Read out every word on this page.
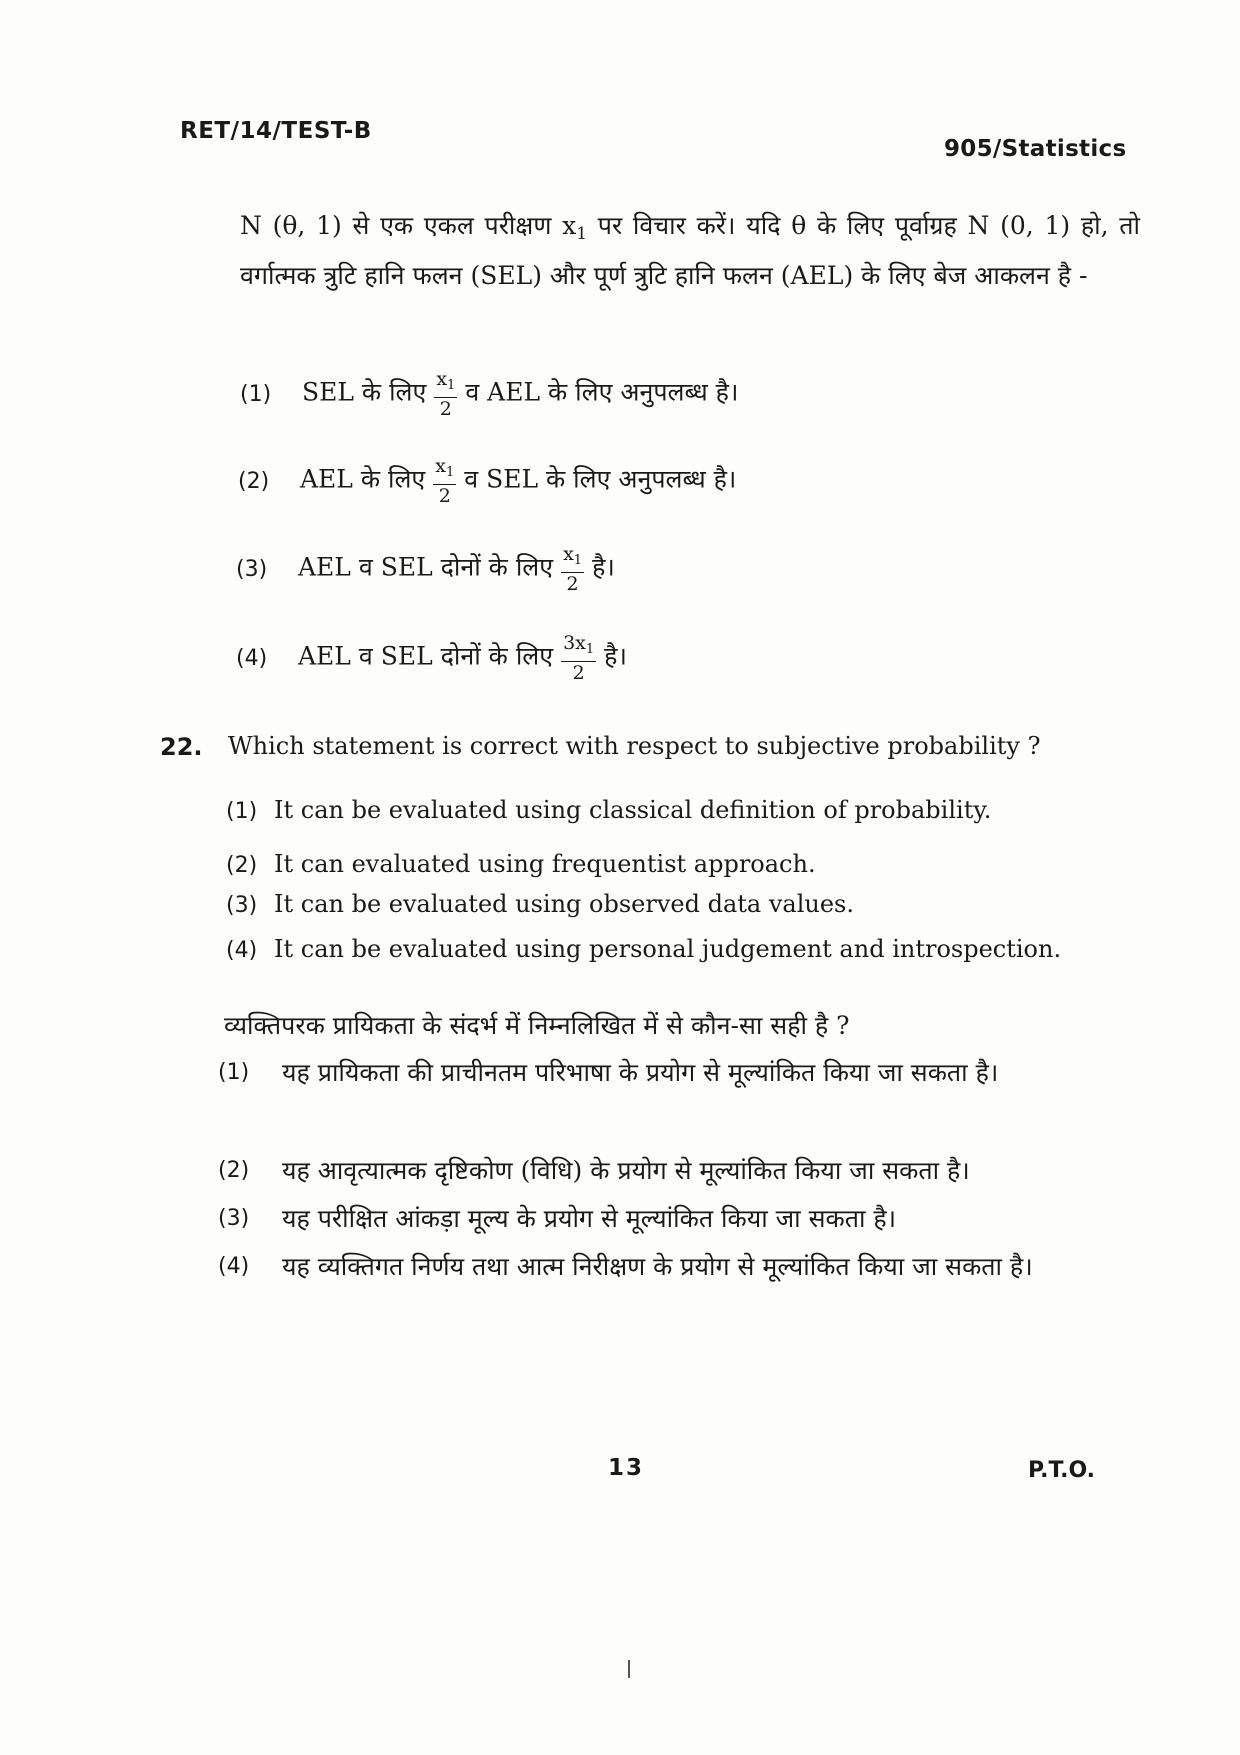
RET/14/TEST-B
905/Statistics
N (θ, 1) से एक एकल परीक्षण $x_1$ पर विचार करें। यदि θ के लिए पूर्वाग्रह N (0, 1) हो, तो वर्गात्मक त्रुटि हानि फलन (SEL) और पूर्ण त्रुटि हानि फलन (AEL) के लिए बेज आकलन है -
(1) SEL के लिए $\frac{x_1}{2}$ व AEL के लिए अनुपलब्ध है।
(2) AEL के लिए $\frac{x_1}{2}$ व SEL के लिए अनुपलब्ध है।
(3) AEL व SEL दोनों के लिए $\frac{x_1}{2}$ है।
(4) AEL व SEL दोनों के लिए $\frac{3x_1}{2}$ है।
22. Which statement is correct with respect to subjective probability ?
(1) It can be evaluated using classical definition of probability.
(2) It can evaluated using frequentist approach.
(3) It can be evaluated using observed data values.
(4) It can be evaluated using personal judgement and introspection.
व्यक्तिपरक प्रायिकता के संदर्भ में निम्नलिखित में से कौन-सा सही है ?
(1) यह प्रायिकता की प्राचीनतम परिभाषा के प्रयोग से मूल्यांकित किया जा सकता है।
(2) यह आवृत्यात्मक दृष्टिकोण (विधि) के प्रयोग से मूल्यांकित किया जा सकता है।
(3) यह परीक्षित आंकड़ा मूल्य के प्रयोग से मूल्यांकित किया जा सकता है।
(4) यह व्यक्तिगत निर्णय तथा आत्म निरीक्षण के प्रयोग से मूल्यांकित किया जा सकता है।
13	P.T.O.
